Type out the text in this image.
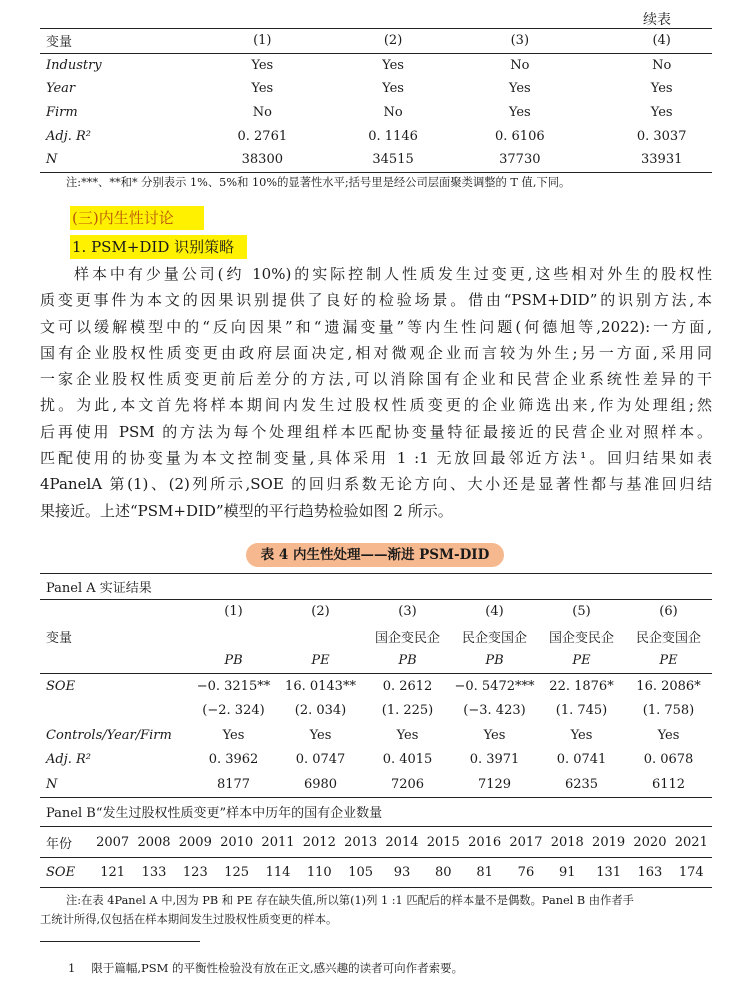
续表
变量	(1)	(2)	(3)	(4)
Industry	Yes	Yes	No	No
Year	Yes	Yes	Yes	Yes
Firm	No	No	Yes	Yes
Adj. R²	0. 2761	0. 1146	0. 6106	0. 3037
N	38300	34515	37730	33931
注:***、**和* 分别表示 1%、5%和 10%的显著性水平;括号里是经公司层面聚类调整的 T 值,下同。
(三)内生性讨论
1. PSM+DID 识别策略
样本中有少量公司(约 10%)的实际控制人性质发生过变更,这些相对外生的股权性
质变更事件为本文的因果识别提供了良好的检验场景。借由“PSM+DID”的识别方法,本
文可以缓解模型中的“反向因果”和“遗漏变量”等内生性问题(何德旭等,2022):一方面,
国有企业股权性质变更由政府层面决定,相对微观企业而言较为外生;另一方面,采用同
一家企业股权性质变更前后差分的方法,可以消除国有企业和民营企业系统性差异的干
扰。为此,本文首先将样本期间内发生过股权性质变更的企业筛选出来,作为处理组;然
后再使用 PSM 的方法为每个处理组样本匹配协变量特征最接近的民营企业对照样本。
匹配使用的协变量为本文控制变量,具体采用 1 :1 无放回最邻近方法¹。回归结果如表
4PanelA 第(1)、(2)列所示,SOE 的回归系数无论方向、大小还是显著性都与基准回归结
果接近。上述“PSM+DID”模型的平行趋势检验如图 2 所示。
表 4 内生性处理——渐进 PSM-DID
Panel A 实证结果						
	(1)	(2)	(3)	(4)	(5)	(6)
变量			国企变民企	民企变国企	国企变民企	民企变国企
	PB	PE	PB	PB	PE	PE
SOE	−0. 3215**	16. 0143**	0. 2612	−0. 5472***	22. 1876*	16. 2086*
	(−2. 324)	(2. 034)	(1. 225)	(−3. 423)	(1. 745)	(1. 758)
Controls/Year/Firm	Yes	Yes	Yes	Yes	Yes	Yes
Adj. R²	0. 3962	0. 0747	0. 4015	0. 3971	0. 0741	0. 0678
N	8177	6980	7206	7129	6235	6112
Panel B“发生过股权性质变更”样本中历年的国有企业数量						
年份	2007	2008	2009	2010	2011	2012	2013	2014	2015	2016	2017	2018	2019	2020	2021
SOE	121	133	123	125	114	110	105	93	80	81	76	91	131	163	174
注:在表 4Panel A 中,因为 PB 和 PE 存在缺失值,所以第(1)列 1 :1 匹配后的样本量不是偶数。Panel B 由作者手
工统计所得,仅包括在样本期间发生过股权性质变更的样本。
1 限于篇幅,PSM 的平衡性检验没有放在正文,感兴趣的读者可向作者索要。
